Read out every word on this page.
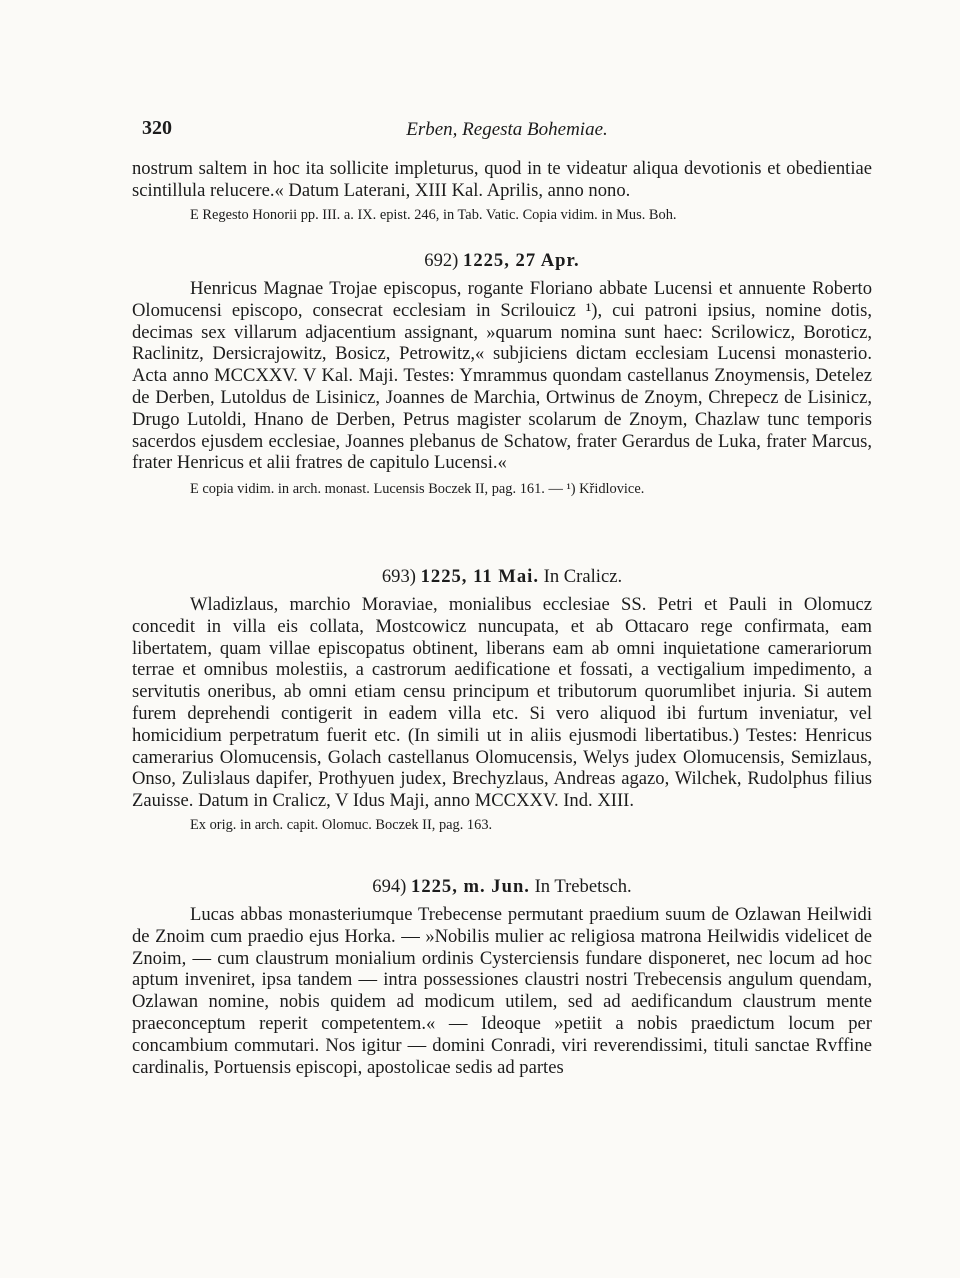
320	Erben, Regesta Bohemiae.

nostrum saltem in hoc ita sollicite impleturus, quod in te videatur aliqua devotionis et obedientiae scintillula relucere.« Datum Laterani, XIII Kal. Aprilis, anno nono.

E Regesto Honorii pp. III. a. IX. epist. 246, in Tab. Vatic. Copia vidim. in Mus. Boh.

692) 1225, 27 Apr.

Henricus Magnae Trojae episcopus, rogante Floriano abbate Lucensi et annuente Roberto Olomucensi episcopo, consecrat ecclesiam in Scrilouicz ¹), cui patroni ipsius, nomine dotis, decimas sex villarum adjacentium assignant, »quarum nomina sunt haec: Scrilowicz, Boroticz, Raclinitz, Dersicrajowitz, Bosicz, Petrowitz,« subjiciens dictam ecclesiam Lucensi monasterio. Acta anno MCCXXV. V Kal. Maji. Testes: Ymrammus quondam castellanus Znoymensis, Detelez de Derben, Lutoldus de Lisinicz, Joannes de Marchia, Ortwinus de Znoym, Chrepecz de Lisinicz, Drugo Lutoldi, Hnano de Derben, Petrus magister scolarum de Znoym, Chazlaw tunc temporis sacerdos ejusdem ecclesiae, Joannes plebanus de Schatow, frater Gerardus de Luka, frater Marcus, frater Henricus et alii fratres de capitulo Lucensi.«

E copia vidim. in arch. monast. Lucensis Boczek II, pag. 161. — ¹) Křidlovice.

693) 1225, 11 Mai. In Cralicz.

Wladizlaus, marchio Moraviae, monialibus ecclesiae SS. Petri et Pauli in Olomucz concedit in villa eis collata, Mostcowicz nuncupata, et ab Ottacaro rege confirmata, eam libertatem, quam villae episcopatus obtinent, liberans eam ab omni inquietatione camerariorum terrae et omnibus molestiis, a castrorum aedificatione et fossati, a vectigalium impedimento, a servitutis oneribus, ab omni etiam censu principum et tributorum quorumlibet injuria. Si autem furem deprehendi contigerit in eadem villa etc. Si vero aliquod ibi furtum inveniatur, vel homicidium perpetratum fuerit etc. (In simili ut in aliis ejusmodi libertatibus.) Testes: Henricus camerarius Olomucensis, Golach castellanus Olomucensis, Welys judex Olomucensis, Semizlaus, Onso, Zuliзlaus dapifer, Prothyuen judex, Brechyzlaus, Andreas agazo, Wilchek, Rudolphus filius Zauisse. Datum in Cralicz, V Idus Maji, anno MCCXXV. Ind. XIII.

Ex orig. in arch. capit. Olomuc. Boczek II, pag. 163.

694) 1225, m. Jun. In Trebetsch.

Lucas abbas monasteriumque Trebecense permutant praedium suum de Ozlawan Heilwidi de Znoim cum praedio ejus Horka. — »Nobilis mulier ac religiosa matrona Heilwidis videlicet de Znoim, — cum claustrum monialium ordinis Cysterciensis fundare disponeret, nec locum ad hoc aptum inveniret, ipsa tandem — intra possessiones claustri nostri Trebecensis angulum quendam, Ozlawan nomine, nobis quidem ad modicum utilem, sed ad aedificandum claustrum mente praeconceptum reperit competentem.« — Ideoque »petiit a nobis praedictum locum per concambium commutari. Nos igitur — domini Conradi, viri reverendissimi, tituli sanctae Rvffine cardinalis, Portuensis episcopi, apostolicae sedis ad partes
